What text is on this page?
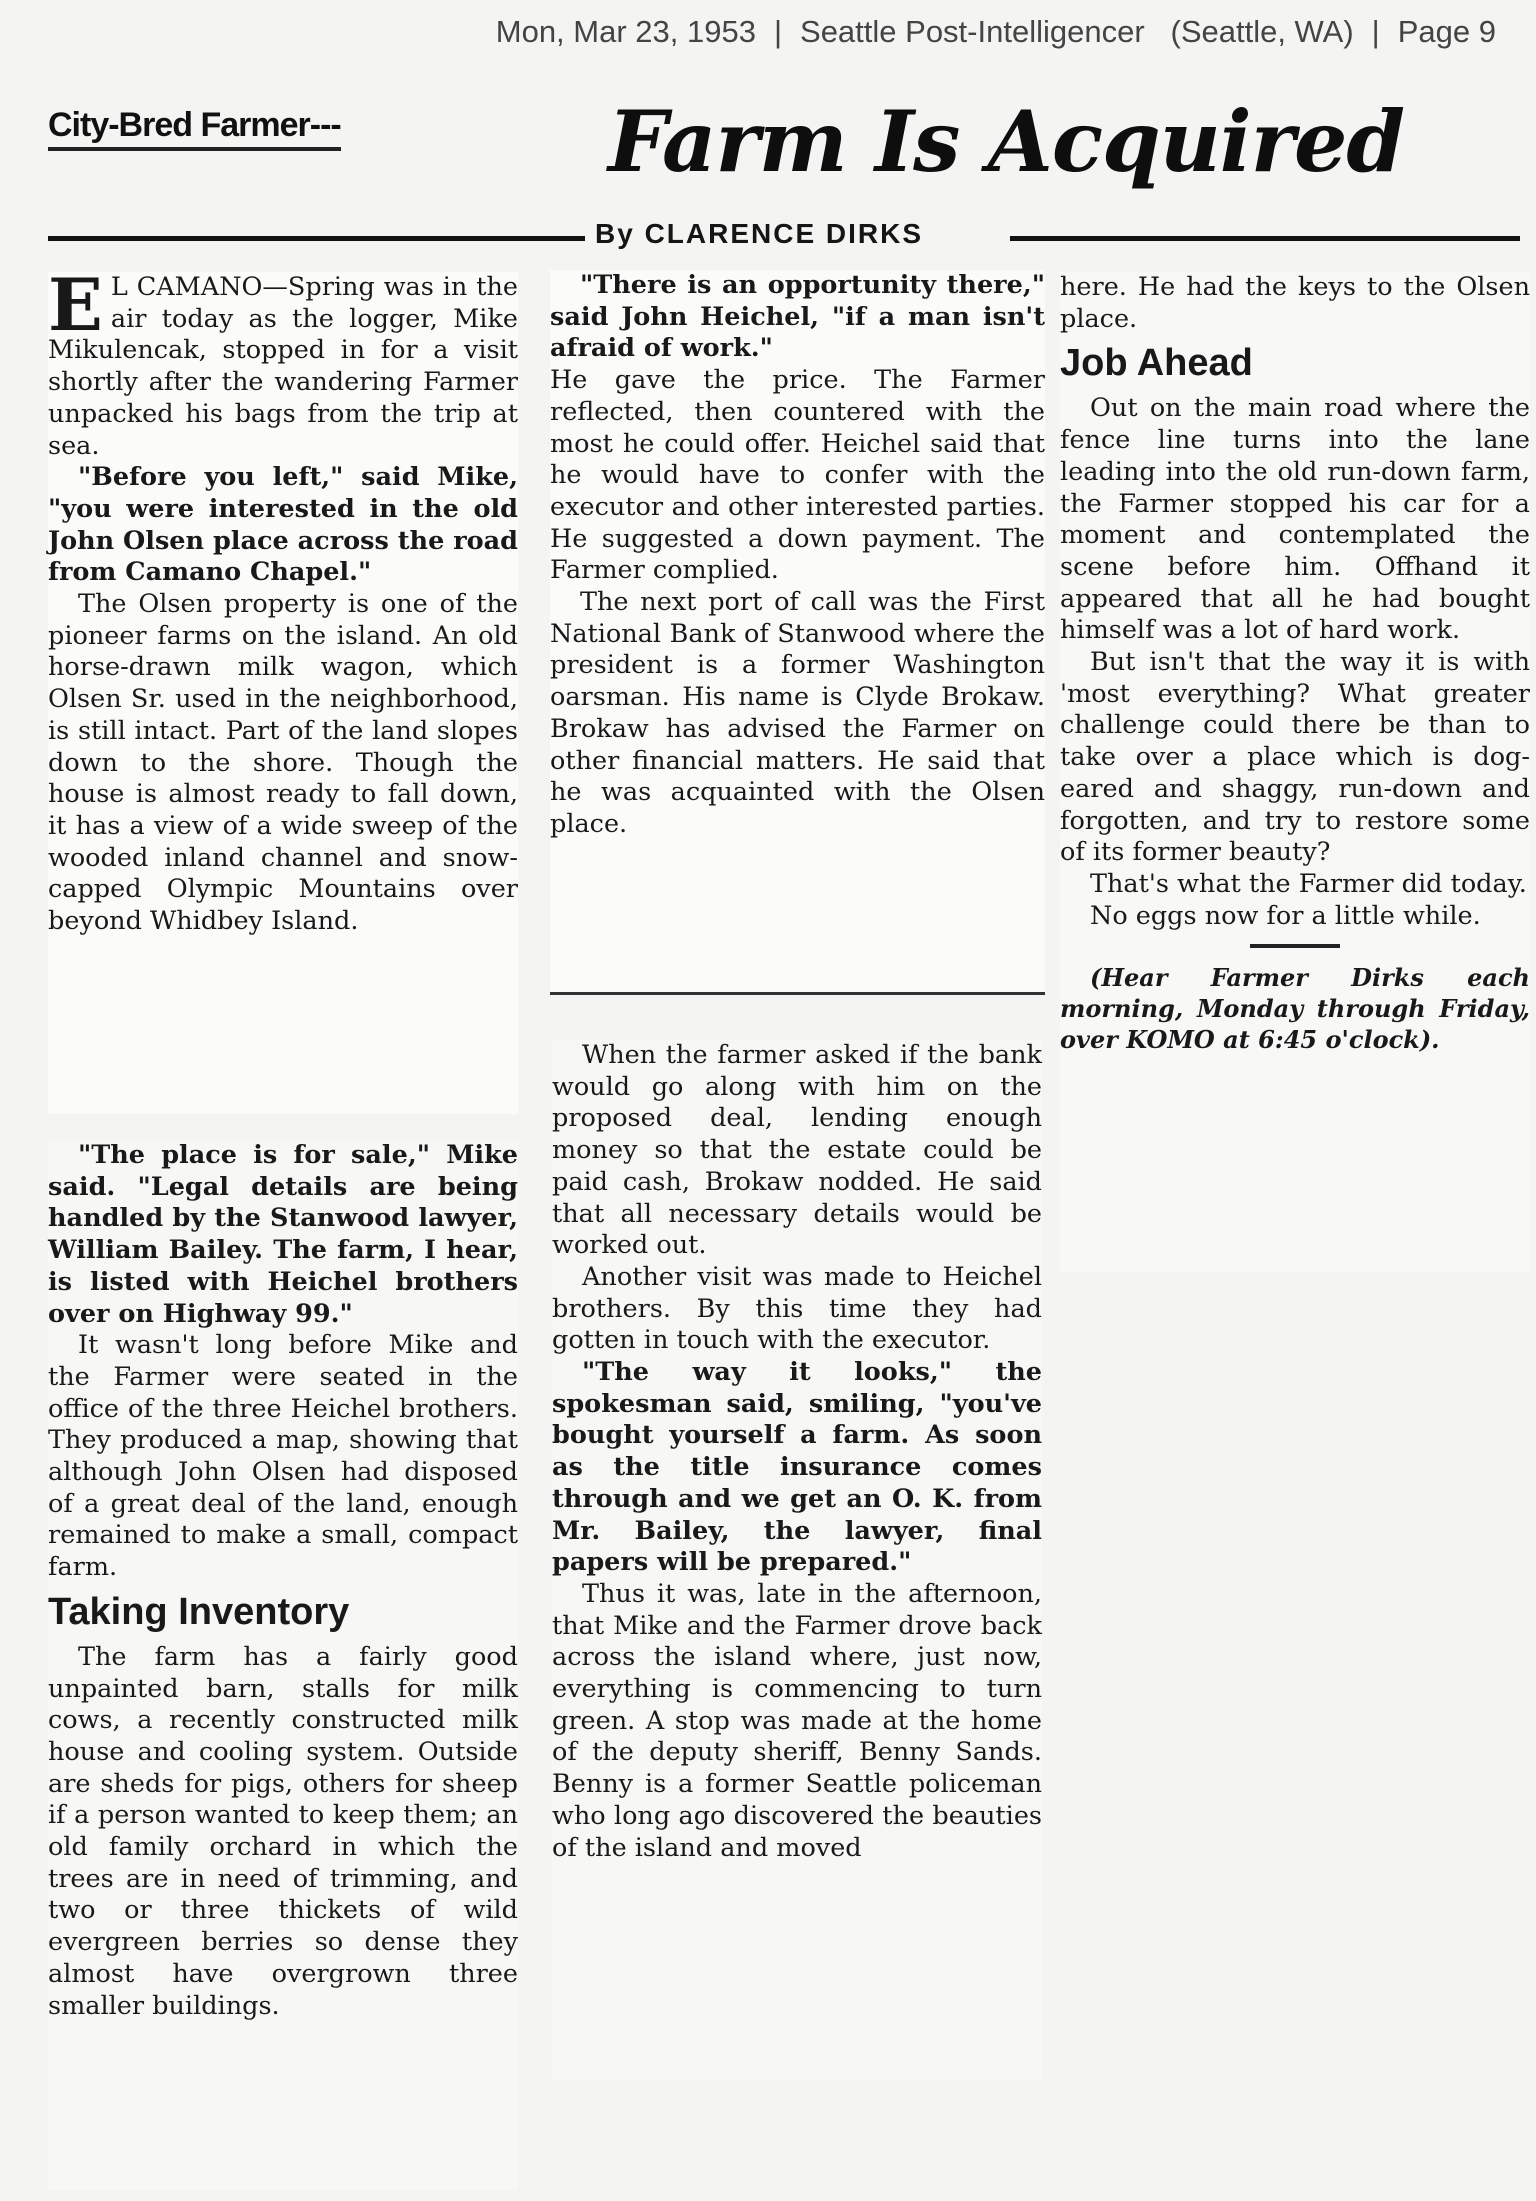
Mon, Mar 23, 1953 | Seattle Post-Intelligencer (Seattle, WA) | Page 9
City-Bred Farmer---	Farm Is Acquired
By CLARENCE DIRKS

E L CAMANO—Spring was in the air today as the logger, Mike Mikulencak, stopped in for a visit shortly after the wandering Farmer unpacked his bags from the trip at sea.

"Before you left," said Mike, "you were interested in the old John Olsen place across the road from Camano Chapel."

The Olsen property is one of the pioneer farms on the island. An old horse-drawn milk wagon, which Olsen Sr. used in the neighborhood, is still intact. Part of the land slopes down to the shore. Though the house is almost ready to fall down, it has a view of a wide sweep of the wooded inland channel and snow-capped Olympic Mountains over beyond Whidbey Island.

"The place is for sale," Mike said. "Legal details are being handled by the Stanwood lawyer, William Bailey. The farm, I hear, is listed with Heichel brothers over on Highway 99."

It wasn't long before Mike and the Farmer were seated in the office of the three Heichel brothers. They produced a map, showing that although John Olsen had disposed of a great deal of the land, enough remained to make a small, compact farm.

Taking Inventory

The farm has a fairly good unpainted barn, stalls for milk cows, a recently constructed milk house and cooling system. Outside are sheds for pigs, others for sheep if a person wanted to keep them; an old family orchard in which the trees are in need of trimming, and two or three thickets of wild evergreen berries so dense they almost have overgrown three smaller buildings.

"There is an opportunity there," said John Heichel, "if a man isn't afraid of work."

He gave the price. The Farmer reflected, then countered with the most he could offer. Heichel said that he would have to confer with the executor and other interested parties. He suggested a down payment. The Farmer complied.

The next port of call was the First National Bank of Stanwood where the president is a former Washington oarsman. His name is Clyde Brokaw. Brokaw has advised the Farmer on other financial matters. He said that he was acquainted with the Olsen place.

When the farmer asked if the bank would go along with him on the proposed deal, lending enough money so that the estate could be paid cash, Brokaw nodded. He said that all necessary details would be worked out.

Another visit was made to Heichel brothers. By this time they had gotten in touch with the executor.

"The way it looks," the spokesman said, smiling, "you've bought yourself a farm. As soon as the title insurance comes through and we get an O. K. from Mr. Bailey, the lawyer, final papers will be prepared."

Thus it was, late in the afternoon, that Mike and the Farmer drove back across the island where, just now, everything is commencing to turn green. A stop was made at the home of the deputy sheriff, Benny Sands. Benny is a former Seattle policeman who long ago discovered the beauties of the island and moved

here. He had the keys to the Olsen place.

Job Ahead

Out on the main road where the fence line turns into the lane leading into the old run-down farm, the Farmer stopped his car for a moment and contemplated the scene before him. Offhand it appeared that all he had bought himself was a lot of hard work.

But isn't that the way it is with 'most everything? What greater challenge could there be than to take over a place which is dog-eared and shaggy, run-down and forgotten, and try to restore some of its former beauty?

That's what the Farmer did today.

No eggs now for a little while.

(Hear Farmer Dirks each morning, Monday through Friday, over KOMO at 6:45 o'clock).
